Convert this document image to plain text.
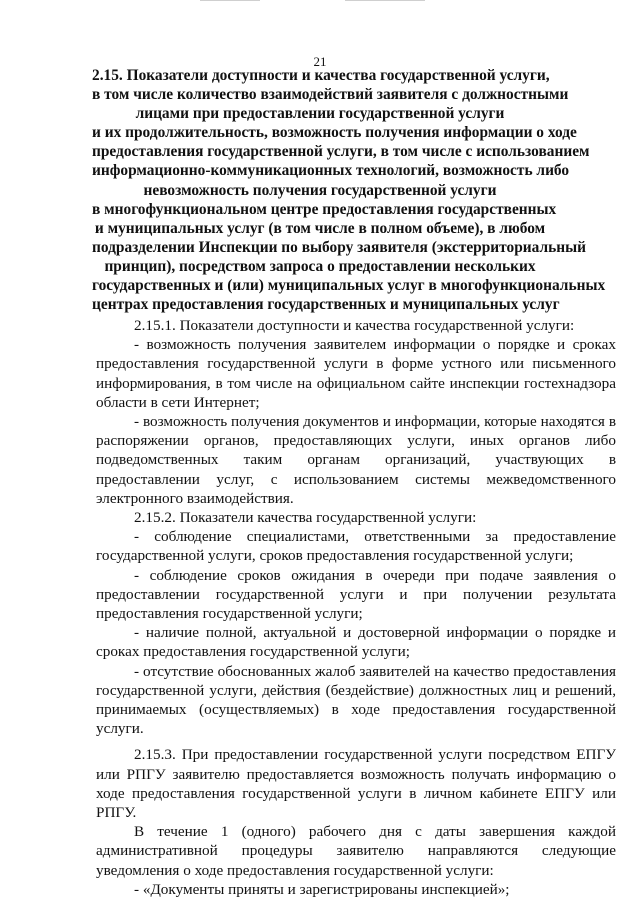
21
2.15. Показатели доступности и качества государственной услуги,
в том числе количество взаимодействий заявителя с должностными
лицами при предоставлении государственной услуги
и их продолжительность, возможность получения информации о ходе
предоставления государственной услуги, в том числе с использованием
информационно-коммуникационных технологий, возможность либо
невозможность получения государственной услуги
в многофункциональном центре предоставления государственных
и муниципальных услуг (в том числе в полном объеме), в любом
подразделении Инспекции по выбору заявителя (экстерриториальный
принцип), посредством запроса о предоставлении нескольких
государственных и (или) муниципальных услуг в многофункциональных
центрах предоставления государственных и муниципальных услуг

2.15.1. Показатели доступности и качества государственной услуги:

- возможность получения заявителем информации о порядке и сроках предоставления государственной услуги в форме устного или письменного информирования, в том числе на официальном сайте инспекции гостехнадзора области в сети Интернет;

- возможность получения документов и информации, которые находятся в распоряжении органов, предоставляющих услуги, иных органов либо подведомственных таким органам организаций, участвующих в предоставлении услуг, с использованием системы межведомственного электронного взаимодействия.

2.15.2. Показатели качества государственной услуги:

- соблюдение специалистами, ответственными за предоставление государственной услуги, сроков предоставления государственной услуги;

- соблюдение сроков ожидания в очереди при подаче заявления о предоставлении государственной услуги и при получении результата предоставления государственной услуги;

- наличие полной, актуальной и достоверной информации о порядке и сроках предоставления государственной услуги;

- отсутствие обоснованных жалоб заявителей на качество предоставления государственной услуги, действия (бездействие) должностных лиц и решений, принимаемых (осуществляемых) в ходе предоставления государственной услуги.

2.15.3. При предоставлении государственной услуги посредством ЕПГУ или РПГУ заявителю предоставляется возможность получать информацию о ходе предоставления государственной услуги в личном кабинете ЕПГУ или РПГУ.

В течение 1 (одного) рабочего дня с даты завершения каждой административной процедуры заявителю направляются следующие уведомления о ходе предоставления государственной услуги:

- «Документы приняты и зарегистрированы инспекцией»;
